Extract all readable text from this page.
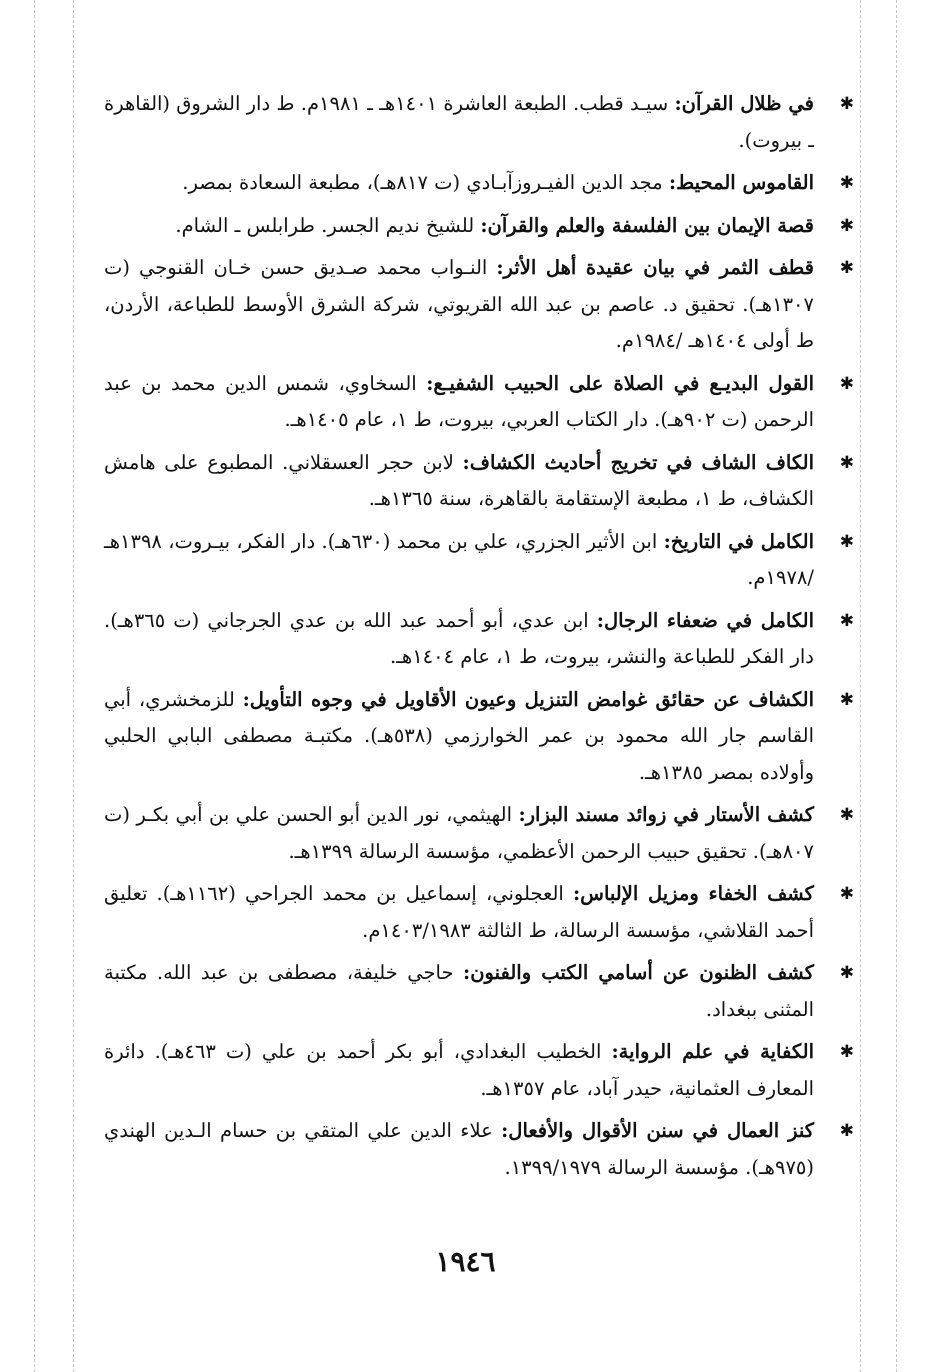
✱
في ظلال القرآن: سيـد قطب. الطبعة العاشرة ١٤٠١هـ ـ ١٩٨١م. ط دار الشروق (القاهرة ـ بيروت).

✱
القاموس المحيط: مجد الدين الفيـروزآبـادي (ت ٨١٧هـ)، مطبعة السعادة بمصر.

✱
قصة الإيمان بين الفلسفة والعلم والقرآن: للشيخ نديم الجسر. طرابلس ـ الشام.

✱
قطف الثمر في بيان عقيدة أهل الأثر: النـواب محمد صـديق حسن خـان القنوجي (ت ١٣٠٧هـ). تحقيق د. عاصم بن عبد الله القريوتي، شركة الشرق الأوسط للطباعة، الأردن، ط أولى ١٤٠٤هـ /١٩٨٤م.

✱
القول البديـع في الصلاة على الحبيب الشفيـع: السخاوي، شمس الدين محمد بن عبد الرحمن (ت ٩٠٢هـ). دار الكتاب العربي، بيروت، ط ١، عام ١٤٠٥هـ.

✱
الكاف الشاف في تخريج أحاديث الكشاف: لابن حجر العسقلاني. المطبوع على هامش الكشاف، ط ١، مطبعة الإستقامة بالقاهرة، سنة ١٣٦٥هـ.

✱
الكامل في التاريخ: ابن الأثير الجزري، علي بن محمد (٦٣٠هـ). دار الفكر، بيـروت، ١٣٩٨هـ /١٩٧٨م.

✱
الكامل في ضعفاء الرجال: ابن عدي، أبو أحمد عبد الله بن عدي الجرجاني (ت ٣٦٥هـ). دار الفكر للطباعة والنشر، بيروت، ط ١، عام ١٤٠٤هـ.

✱
الكشاف عن حقائق غوامض التنزيل وعيون الأقاويل في وجوه التأويل: للزمخشري، أبي القاسم جار الله محمود بن عمر الخوارزمي (٥٣٨هـ). مكتبـة مصطفى البابي الحلبي وأولاده بمصر ١٣٨٥هـ.

✱
كشف الأستار في زوائد مسند البزار: الهيثمي، نور الدين أبو الحسن علي بن أبي بكـر (ت ٨٠٧هـ). تحقيق حبيب الرحمن الأعظمي، مؤسسة الرسالة ١٣٩٩هـ.

✱
كشف الخفاء ومزيل الإلباس: العجلوني، إسماعيل بن محمد الجراحي (١١٦٢هـ). تعليق أحمد القلاشي، مؤسسة الرسالة، ط الثالثة ١٤٠٣/١٩٨٣م.

✱
كشف الظنون عن أسامي الكتب والفنون: حاجي خليفة، مصطفى بن عبد الله. مكتبة المثنى ببغداد.

✱
الكفاية في علم الرواية: الخطيب البغدادي، أبو بكر أحمد بن علي (ت ٤٦٣هـ). دائرة المعارف العثمانية، حيدر آباد، عام ١٣٥٧هـ.

✱
كنز العمال في سنن الأقوال والأفعال: علاء الدين علي المتقي بن حسام الـدين الهندي (٩٧٥هـ). مؤسسة الرسالة ١٣٩٩/١٩٧٩.

١٩٤٦
